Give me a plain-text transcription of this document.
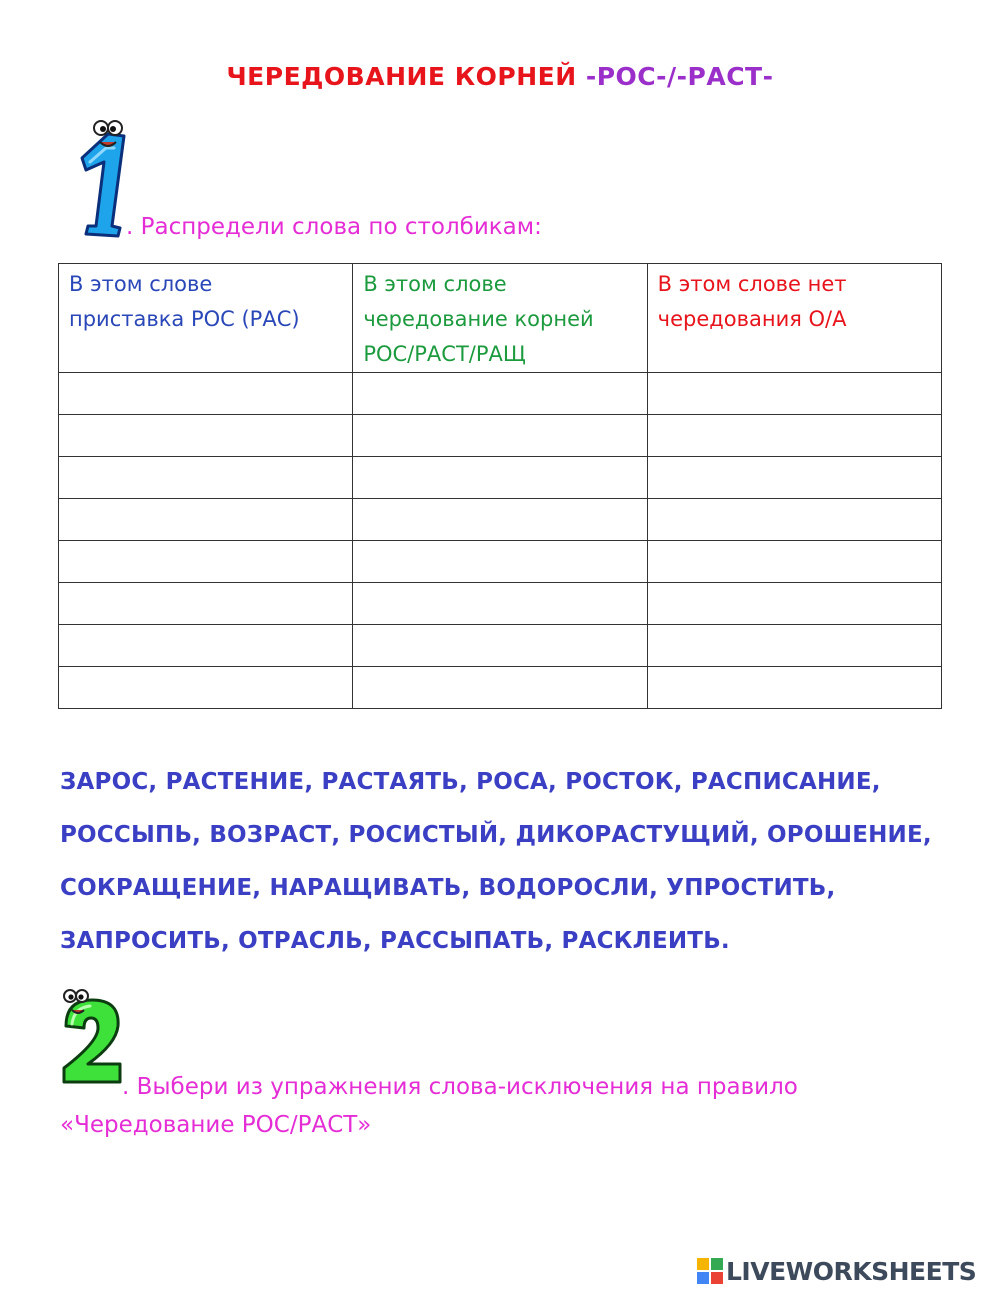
ЧЕРЕДОВАНИЕ КОРНЕЙ -РОС-/-РАСТ-
. Распредели слова по столбикам:
В этом слове
приставка РОС (РАС)	В этом слове
чередование корней
РОС/РАСТ/РАЩ	В этом слове нет
чередования О/А

ЗАРОС, РАСТЕНИЕ, РАСТАЯТЬ, РОСА, РОСТОК, РАСПИСАНИЕ,
РОССЫПЬ, ВОЗРАСТ, РОСИСТЫЙ, ДИКОРАСТУЩИЙ, ОРОШЕНИЕ,
СОКРАЩЕНИЕ, НАРАЩИВАТЬ, ВОДОРОСЛИ, УПРОСТИТЬ,
ЗАПРОСИТЬ, ОТРАСЛЬ, РАССЫПАТЬ, РАСКЛЕИТЬ.
. Выбери из упражнения слова-исключения на правило
«Чередование РОС/РАСТ»
LIVEWORKSHEETS
